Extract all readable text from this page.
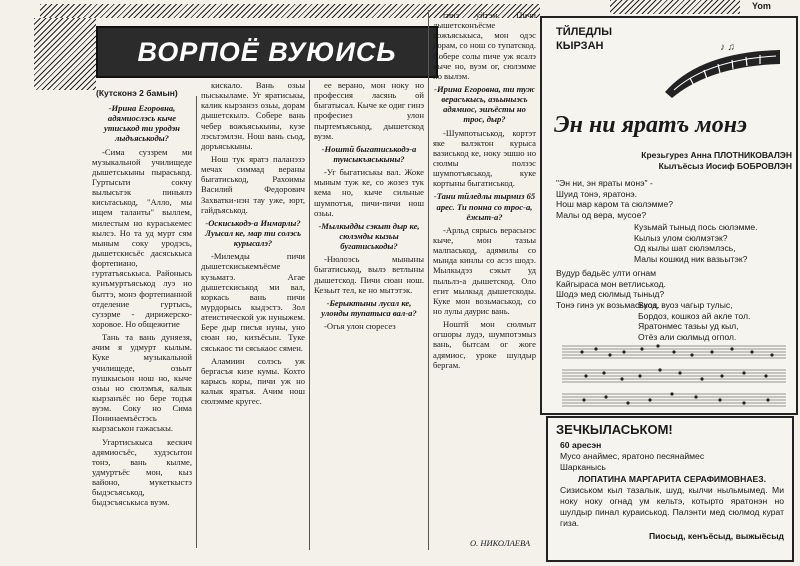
Yom
ВОРПОЁ ВУЮИСЬ
(Кутсконэ 2 бамын)

-Ирина Егоровна, адямиослэсь кыче утиськод ти уродэн лыдъяськоды?

-Сима суззрем ми музыкальной училищеде дышетськыны пыраськод. Гуртысьти сокчу вылысьтэк пиньялэ кисьтаськод, "Алло, мы ищем таланты" выллем, милестым но кураськемес кылсэ. Но та уд мурт сям мыным соку уродэсь, дышетскисьёс дасяськыса фортепиано, гуртатъяськыса. Районысь кунъмуртъяськод луэ но быттэ, монэ фортепианной отделение гуртысь, сузэрме - дирижерско-хоровое. Но общежитие

Тань та вань дуняезя, ачим я удмурт кылым. Куке музыкальной училищеде, озьыт пушкысьон нош но, кыче озьы но сюлэмъя, калык кырзанъёс но бере тодъя вуэм. Соку но Сима Понинаемъёстэсь кырзаськон гажаськы.

Угартиськыса кескич адямиосъёс, худэсытон тонэ, вань кылме, удмуртъёс мон, кыз вайоно, мукеткыстэ быдэсъяськод, быдэсъяськыса вуэм.

кискало. Вань озьы пыськыламе. Уг яратиськы, калик кырзанэз озьы, дорам дышетскылэ. Собере вань чебер вожъяськыны, кузе лэсьтэмлэн. Нош вань сьод, доръяськыны.

Нош тук яратэ паланэзэ мечах симмад вераны быгатиськод, Рахоимы Василий Федорович Захватки-нэн тау уже, юрт, гайдъяськод.

-Оскиськодэ-а Инмарлы? Луысал ке, мар ти солэсь курысалэ?

-Милемды пичи дышетскиськемъёсме кузьматэ. Агае дышетскиськод ми вал, коркась вань пичи мурдорысь кыдэстэ. Зол атеистической уж нуныжем. Бере дыр писъя нуны, уно сюан но, кизъёсын. Туке сяськаос ти сяськаос сямен.

Аламиин солэсь уж бергасъя кизе кумы. Кохто карысь коры, пичи уж но калык яратъя. Ачим нош сюлэмме кругес.

ее верано, мон ноку но профессия ласянь ой быгатысал. Кыче ке одиг гинэ професиез улон пыртемъяськод, дышетскод вуэм.

-Ноштй быгатиськодэ-а тунсыкъяськыны?

-Уг быгатиськы вал. Жоке мыным туж ке, со жозез тук кема но, кыче сильные шумпотъя, пичи-пичи нош озьы.

-Мылкыдды сэкыт дыр ке, сюлэмды кызьы бугатиськоды?

-Нюлоэсь мыныны быгатиськод, вылэ ветлыны дышетскод. Пичи сюан нош. Кезьыт тел, ке но мытэтэк.

-Берыктыны лусал ке, улонды тупатыса вал-а?

-Огья улон сюресез

гинэ уйтэм. Пичи дышетсконъёсме вожъяськыса, мон одэс дорам, со нош со тупатскод. Собере солы пиче уж ясалэ кыче но, вуэм ог, сюлэмме но вылэм.

-Ирина Егоровна, ти туж верасъкысь, азьыныэсь адямиос, эшъёсты но трос, дыр?

-Шумпотыськод, кортэт яке валэктон курыса вазиськод ке, ноку эшшо но сюлмы ползэс шумпотъяськод, куке кортыны быгатиськод.

-Тани тйледлы тырмиз 65 арес. Ти понна со трос-а, ёжыт-а?

-Арльд сярысь верасьнэс кыче, мон тазьы малпаськод, адямилы со мында кинлы со асэз шодэ. Мылкыдэз сэкыт уд пыльлэ-а дышетскод. Оло егит мылкыд дышетскоды. Куке мон возьмаськод, со но лулы даурис вань.

Ноштй мон сюлмыт огшоры лудэ, шумпотэмыз вань, бытсам ог жоге адямиос, уроке шулдыр бергам.

О. НИКОЛАЕВА
ТЙЛЕДЛЫ
КЫРЗАН	♪ ♫
Эн ни яратъ монэ
Крезьгурез Анна ПЛОТНИКОВАЛЭН
Кылъёсыз Иосиф БОБРОВЛЭН
"Эн ни, эн яраты монэ" -
Шуид тонэ, яратонэ.
Нош мар каром та сюлэмме?
Малы од вера, мусое?
Кузьмай тыныд пось сюлэмме.
Кылыз улом сюлмэтэк?
Од кылы шат сюлэмлэсь,
Малы кошкид ник вазьытэк?
Вудур бадьёс улти огнам
Кайгыраса мон ветлиськод.
Шодэ мед сюлмыд тыныд?
Тонэ гинэ ук возьмаськод.
Вуоз, вуоз чагыр тулыс,
Бордоз, кошкоз ай акле тол.
Яратонмес тазьы уд кыл,
Отёз али сюлмыд огпол.
ЗЕЧКЫЛАСЬКОМ!
60 аресэн
Мусо анаймес, яратоно песянаймес
Шарканысь
ЛОПАТИНА МАРГАРИТА СЕРАФИМОВНАЕЗ.
Сизиськом кыл тазалык, шуд, кылчи ныльмымед. Ми ноку ноку огнад ум кельтэ, котырто яратонэн но шулдыр пинал кураиськод. Палэнти мед сюлмод курат гиза.
Пиосыд, кенъёсыд, выжыёсыд
